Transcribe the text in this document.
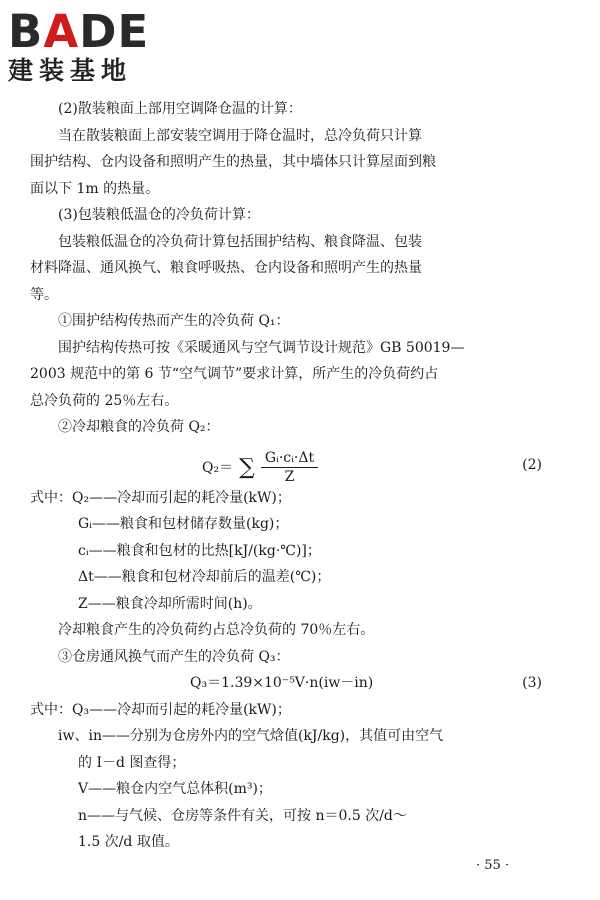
BADE
建装基地
(2)散装粮面上部用空调降仓温的计算：
当在散装粮面上部安装空调用于降仓温时，总冷负荷只计算
围护结构、仓内设备和照明产生的热量，其中墙体只计算屋面到粮
面以下 1m 的热量。
(3)包装粮低温仓的冷负荷计算：
包装粮低温仓的冷负荷计算包括围护结构、粮食降温、包装
材料降温、通风换气、粮食呼吸热、仓内设备和照明产生的热量
等。
①围护结构传热而产生的冷负荷 Q₁：
围护结构传热可按《采暖通风与空气调节设计规范》GB 50019—
2003 规范中的第 6 节“空气调节”要求计算，所产生的冷负荷约占
总冷负荷的 25％左右。
②冷却粮食的冷负荷 Q₂：
Q₂＝ ∑ $\frac{\text{Gᵢ·cᵢ·Δt}}{Z}$	(2)
式中：Q₂——冷却而引起的耗冷量(kW)；
Gᵢ——粮食和包材储存数量(kg)；
cᵢ——粮食和包材的比热[kJ/(kg·℃)]；
Δt——粮食和包材冷却前后的温差(℃)；
Z——粮食冷却所需时间(h)。
冷却粮食产生的冷负荷约占总冷负荷的 70％左右。
③仓房通风换气而产生的冷负荷 Q₃：
Q₃＝1.39×10⁻⁵V·n(iw－in)	(3)
式中：Q₃——冷却而引起的耗冷量(kW)；
iw、in——分别为仓房外内的空气焓值(kJ/kg)，其值可由空气
的 I－d 图查得；
V——粮仓内空气总体积(m³)；
n——与气候、仓房等条件有关，可按 n＝0.5 次/d～
1.5 次/d 取值。
· 55 ·
